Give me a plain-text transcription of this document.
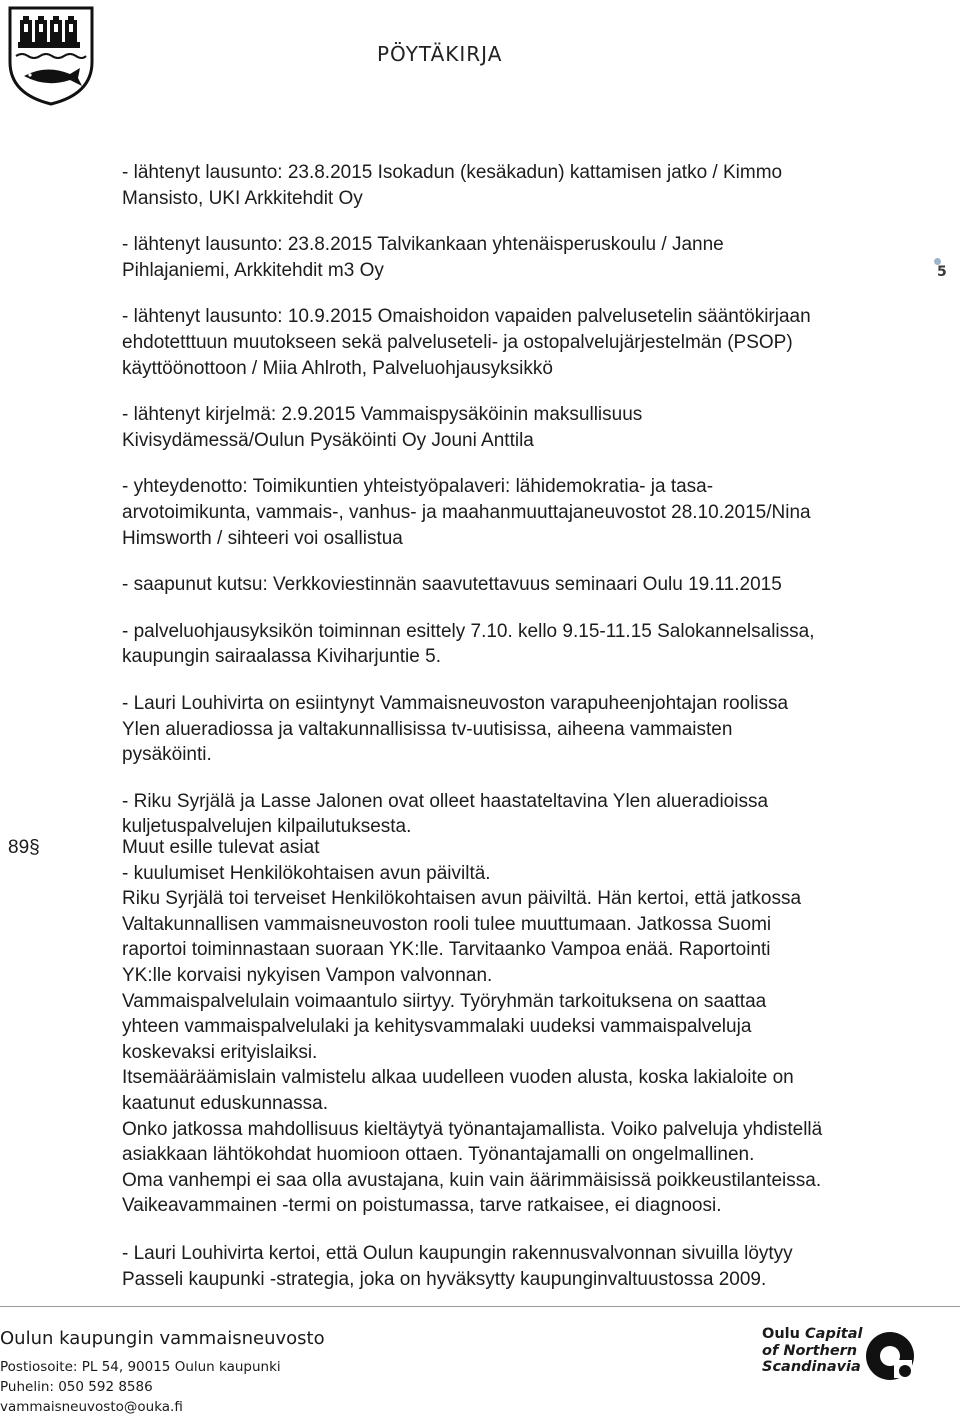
PÖYTÄKIRJA
5

- lähtenyt lausunto: 23.8.2015 Isokadun (kesäkadun) kattamisen jatko / Kimmo

Mansisto, UKI Arkkitehdit Oy

- lähtenyt lausunto: 23.8.2015 Talvikankaan yhtenäisperuskoulu / Janne

Pihlajaniemi, Arkkitehdit m3 Oy

- lähtenyt lausunto: 10.9.2015 Omaishoidon vapaiden palvelusetelin sääntökirjaan

ehdotetttuun muutokseen sekä palveluseteli- ja ostopalvelujärjestelmän (PSOP)

käyttöönottoon / Miia Ahlroth, Palveluohjausyksikkö

- lähtenyt kirjelmä: 2.9.2015 Vammaispysäköinin maksullisuus

Kivisydämessä/Oulun Pysäköinti Oy Jouni Anttila

- yhteydenotto: Toimikuntien yhteistyöpalaveri: lähidemokratia- ja tasa-

arvotoimikunta, vammais-, vanhus- ja maahanmuuttajaneuvostot 28.10.2015/Nina

Himsworth / sihteeri voi osallistua

- saapunut kutsu: Verkkoviestinnän saavutettavuus seminaari Oulu 19.11.2015

- palveluohjausyksikön toiminnan esittely 7.10. kello 9.15-11.15 Salokannelsalissa,

kaupungin sairaalassa Kiviharjuntie 5.

- Lauri Louhivirta on esiintynyt Vammaisneuvoston varapuheenjohtajan roolissa

Ylen alueradiossa ja valtakunnallisissa tv-uutisissa, aiheena vammaisten

pysäköinti.

- Riku Syrjälä ja Lasse Jalonen ovat olleet haastateltavina Ylen alueradioissa

kuljetuspalvelujen kilpailutuksesta.

89§	Muut esille tulevat asiat

- kuulumiset Henkilökohtaisen avun päiviltä.

Riku Syrjälä toi terveiset Henkilökohtaisen avun päiviltä. Hän kertoi, että jatkossa

Valtakunnallisen vammaisneuvoston rooli tulee muuttumaan. Jatkossa Suomi

raportoi toiminnastaan suoraan YK:lle. Tarvitaanko Vampoa enää. Raportointi

YK:lle korvaisi nykyisen Vampon valvonnan.

Vammaispalvelulain voimaantulo siirtyy. Työryhmän tarkoituksena on saattaa

yhteen vammaispalvelulaki ja kehitysvammalaki uudeksi vammaispalveluja

koskevaksi erityislaiksi.

Itsemääräämislain valmistelu alkaa uudelleen vuoden alusta, koska lakialoite on

kaatunut eduskunnassa.

Onko jatkossa mahdollisuus kieltäytyä työnantajamallista. Voiko palveluja yhdistellä

asiakkaan lähtökohdat huomioon ottaen. Työnantajamalli on ongelmallinen.

Oma vanhempi ei saa olla avustajana, kuin vain äärimmäisissä poikkeustilanteissa.

Vaikeavammainen -termi on poistumassa, tarve ratkaisee, ei diagnoosi.

- Lauri Louhivirta kertoi, että Oulun kaupungin rakennusvalvonnan sivuilla löytyy

Passeli kaupunki -strategia, joka on hyväksytty kaupunginvaltuustossa 2009.

Oulun kaupungin vammaisneuvosto

Postiosoite: PL 54, 90015 Oulun kaupunki

Puhelin: 050 592 8586

vammaisneuvosto@ouka.fi

Oulu Capital
of Northern
Scandinavia
